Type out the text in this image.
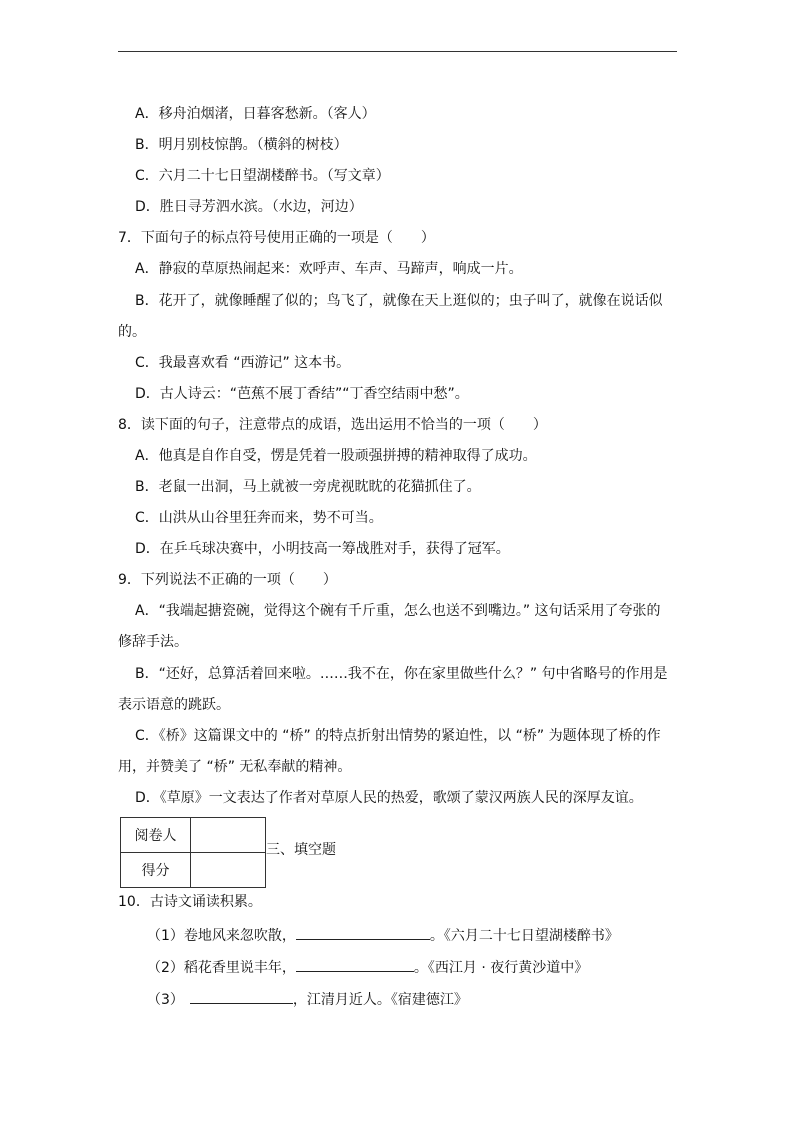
A．移舟泊烟渚，日暮客愁新。（客人）
B．明月别枝惊鹊。（横斜的树枝）
C．六月二十七日望湖楼醉书。（写文章）
D．胜日寻芳泗水滨。（水边，河边）
7．下面句子的标点符号使用正确的一项是（　　）
A．静寂的草原热闹起来：欢呼声、车声、马蹄声，响成一片。
B．花开了，就像睡醒了似的；鸟飞了，就像在天上逛似的；虫子叫了，就像在说话似
的。
C．我最喜欢看 “西游记” 这本书。
D．古人诗云：“芭蕉不展丁香结”“丁香空结雨中愁”。
8．读下面的句子，注意带点的成语，选出运用不恰当的一项（　　）
A．他真是自作自受，愣是凭着一股顽强拼搏的精神取得了成功。
B．老鼠一出洞，马上就被一旁虎视眈眈的花猫抓住了。
C．山洪从山谷里狂奔而来，势不可当。
D．在乒乓球决赛中，小明技高一筹战胜对手，获得了冠军。
9．下列说法不正确的一项（　　）
A．“我端起搪瓷碗，觉得这个碗有千斤重，怎么也送不到嘴边。” 这句话采用了夸张的
修辞手法。
B．“还好，总算活着回来啦。……我不在，你在家里做些什么？” 句中省略号的作用是
表示语意的跳跃。
C．《桥》这篇课文中的 “桥” 的特点折射出情势的紧迫性，以 “桥” 为题体现了桥的作
用，并赞美了 “桥” 无私奉献的精神。
D．《草原》一文表达了作者对草原人民的热爱，歌颂了蒙汉两族人民的深厚友谊。
阅卷人	
得分	
三、填空题
10．古诗文诵读积累。
（1）卷地风来忽吹散，	。《六月二十七日望湖楼醉书》
（2）稻花香里说丰年，	。《西江月 · 夜行黄沙道中》
（3）	，江清月近人。《宿建德江》
